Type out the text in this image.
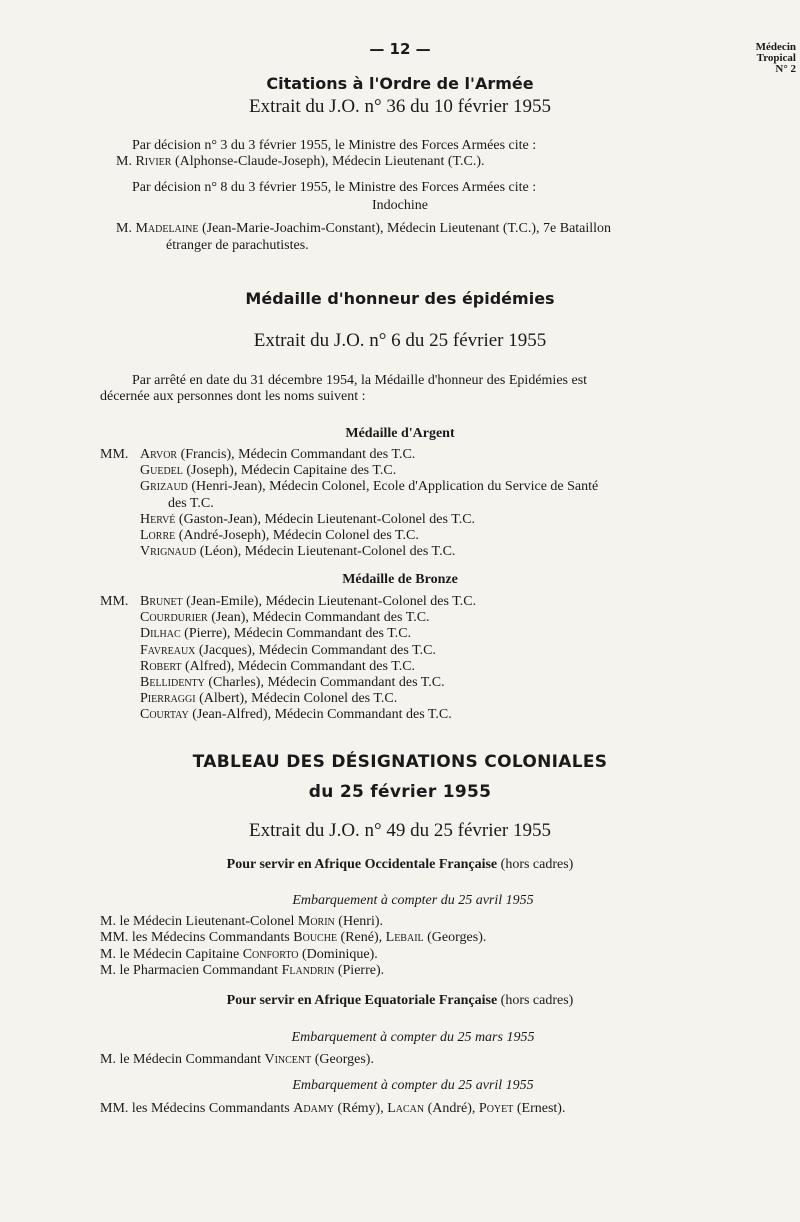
— 12 —	Médecin
Tropical
N° 2
Citations à l'Ordre de l'Armée
Extrait du J.O. n° 36 du 10 février 1955
Par décision n° 3 du 3 février 1955, le Ministre des Forces Armées cite :
M. Rivier (Alphonse-Claude-Joseph), Médecin Lieutenant (T.C.).
Par décision n° 8 du 3 février 1955, le Ministre des Forces Armées cite :
Indochine
M. Madelaine (Jean-Marie-Joachim-Constant), Médecin Lieutenant (T.C.), 7e Bataillon
étranger de parachutistes.
Médaille d'honneur des épidémies
Extrait du J.O. n° 6 du 25 février 1955
Par arrêté en date du 31 décembre 1954, la Médaille d'honneur des Epidémies est
décernée aux personnes dont les noms suivent :
Médaille d'Argent
MM. Arvor (Francis), Médecin Commandant des T.C.
Guedel (Joseph), Médecin Capitaine des T.C.
Grizaud (Henri-Jean), Médecin Colonel, Ecole d'Application du Service de Santé
des T.C.
Hervé (Gaston-Jean), Médecin Lieutenant-Colonel des T.C.
Lorre (André-Joseph), Médecin Colonel des T.C.
Vrignaud (Léon), Médecin Lieutenant-Colonel des T.C.
Médaille de Bronze
MM. Brunet (Jean-Emile), Médecin Lieutenant-Colonel des T.C.
Courdurier (Jean), Médecin Commandant des T.C.
Dilhac (Pierre), Médecin Commandant des T.C.
Favreaux (Jacques), Médecin Commandant des T.C.
Robert (Alfred), Médecin Commandant des T.C.
Bellidenty (Charles), Médecin Commandant des T.C.
Pierraggi (Albert), Médecin Colonel des T.C.
Courtay (Jean-Alfred), Médecin Commandant des T.C.
TABLEAU DES DÉSIGNATIONS COLONIALES
du 25 février 1955
Extrait du J.O. n° 49 du 25 février 1955
Pour servir en Afrique Occidentale Française (hors cadres)
Embarquement à compter du 25 avril 1955
M. le Médecin Lieutenant-Colonel Morin (Henri).
MM. les Médecins Commandants Bouche (René), Lebail (Georges).
M. le Médecin Capitaine Conforto (Dominique).
M. le Pharmacien Commandant Flandrin (Pierre).
Pour servir en Afrique Equatoriale Française (hors cadres)
Embarquement à compter du 25 mars 1955
M. le Médecin Commandant Vincent (Georges).
Embarquement à compter du 25 avril 1955
MM. les Médecins Commandants Adamy (Rémy), Lacan (André), Poyet (Ernest).
